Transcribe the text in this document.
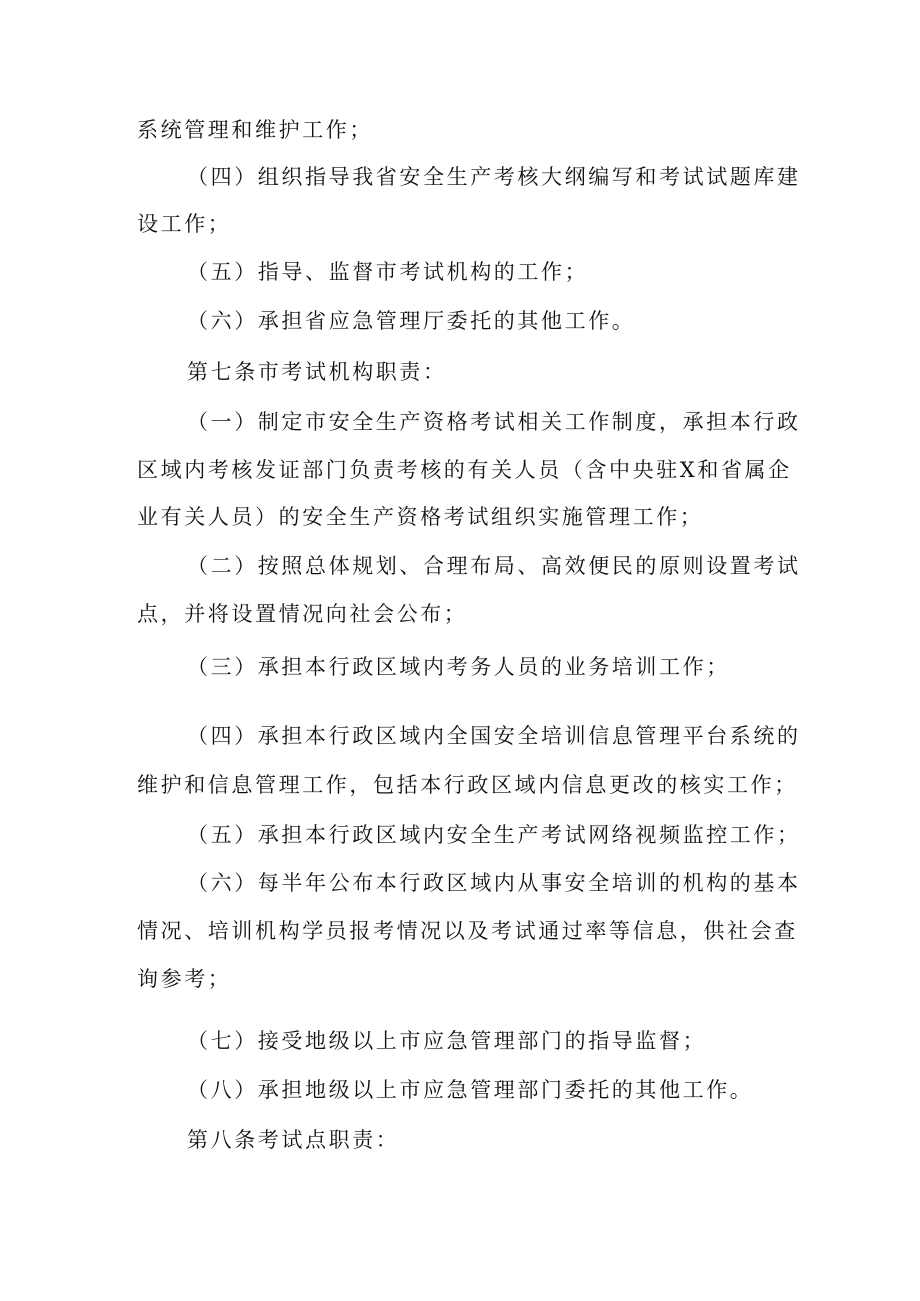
系统管理和维护工作；
（四）组织指导我省安全生产考核大纲编写和考试试题库建
设工作；
（五）指导、监督市考试机构的工作；
（六）承担省应急管理厅委托的其他工作。
第七条市考试机构职责：
（一）制定市安全生产资格考试相关工作制度，承担本行政
区域内考核发证部门负责考核的有关人员（含中央驻X和省属企
业有关人员）的安全生产资格考试组织实施管理工作；
（二）按照总体规划、合理布局、高效便民的原则设置考试
点，并将设置情况向社会公布；
（三）承担本行政区域内考务人员的业务培训工作；
（四）承担本行政区域内全国安全培训信息管理平台系统的
维护和信息管理工作，包括本行政区域内信息更改的核实工作；
（五）承担本行政区域内安全生产考试网络视频监控工作；
（六）每半年公布本行政区域内从事安全培训的机构的基本
情况、培训机构学员报考情况以及考试通过率等信息，供社会查
询参考；
（七）接受地级以上市应急管理部门的指导监督；
（八）承担地级以上市应急管理部门委托的其他工作。
第八条考试点职责：
